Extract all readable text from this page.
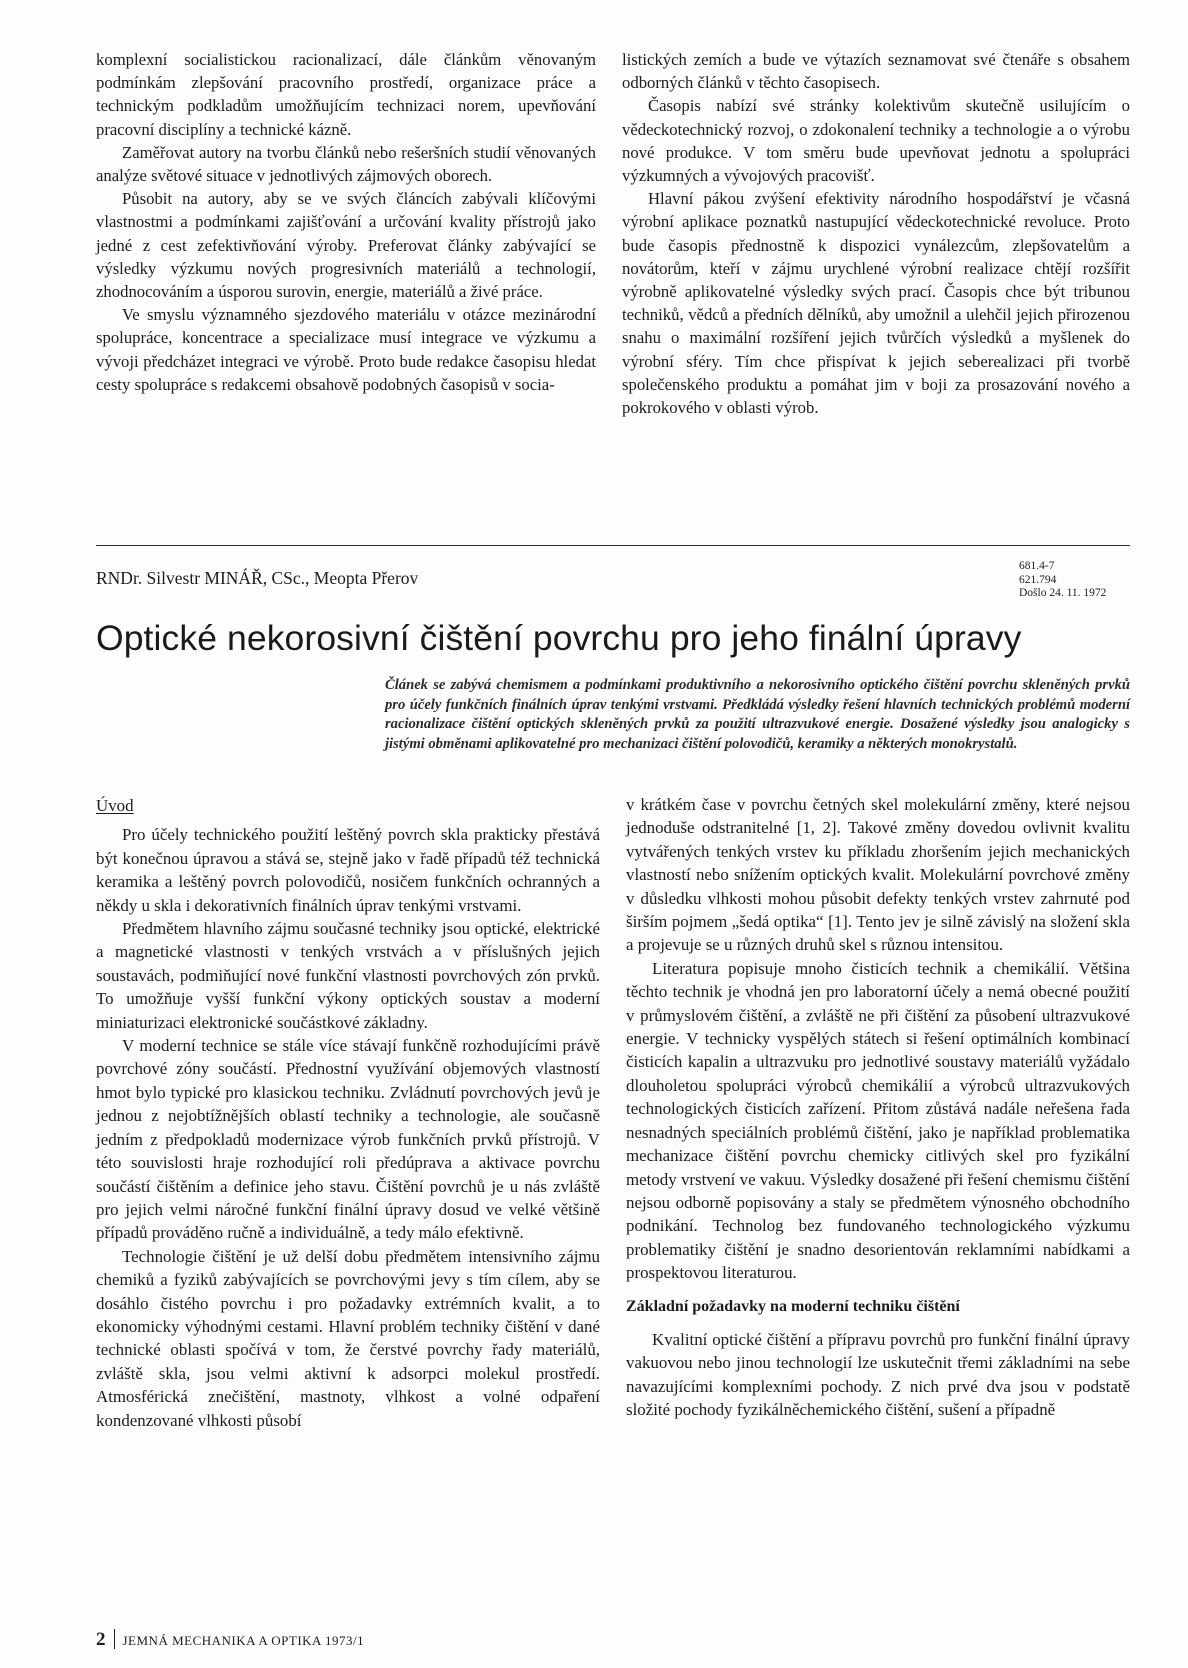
komplexní socialistickou racionalizací, dále článkům věnovaným podmínkám zlepšování pracovního prostředí, organizace práce a technickým podkladům umožňujícím technizaci norem, upevňování pracovní disciplíny a technické kázně.

Zaměřovat autory na tvorbu článků nebo rešeršních studií věnovaných analýze světové situace v jednotlivých zájmových oborech.

Působit na autory, aby se ve svých článcích zabývali klíčovými vlastnostmi a podmínkami zajišťování a určování kvality přístrojů jako jedné z cest zefektivňování výroby. Preferovat články zabývající se výsledky výzkumu nových progresivních materiálů a technologií, zhodnocováním a úsporou surovin, energie, materiálů a živé práce.

Ve smyslu významného sjezdového materiálu v otázce mezinárodní spolupráce, koncentrace a specializace musí integrace ve výzkumu a vývoji předcházet integraci ve výrobě. Proto bude redakce časopisu hledat cesty spolupráce s redakcemi obsahově podobných časopisů v socia-

listických zemích a bude ve výtazích seznamovat své čtenáře s obsahem odborných článků v těchto časopisech.

Časopis nabízí své stránky kolektivům skutečně usilujícím o vědeckotechnický rozvoj, o zdokonalení techniky a technologie a o výrobu nové produkce. V tom směru bude upevňovat jednotu a spolupráci výzkumných a vývojových pracovišť.

Hlavní pákou zvýšení efektivity národního hospodářství je včasná výrobní aplikace poznatků nastupující vědeckotechnické revoluce. Proto bude časopis přednostně k dispozici vynálezcům, zlepšovatelům a novátorům, kteří v zájmu urychlené výrobní realizace chtějí rozšířit výrobně aplikovatelné výsledky svých prací. Časopis chce být tribunou techniků, vědců a předních dělníků, aby umožnil a ulehčil jejich přirozenou snahu o maximální rozšíření jejich tvůrčích výsledků a myšlenek do výrobní sféry. Tím chce přispívat k jejich seberealizaci při tvorbě společenského produktu a pomáhat jim v boji za prosazování nového a pokrokového v oblasti výrob.

RNDr. Silvestr MINÁŘ, CSc., Meopta Přerov
681.4-7
621.794
Došlo 24. 11. 1972
Optické nekorosivní čištění povrchu pro jeho finální úpravy
Článek se zabývá chemismem a podmínkami produktivního a nekorosivního optického čištění povrchu skleněných prvků pro účely funkčních finálních úprav tenkými vrstvami. Předkládá výsledky řešení hlavních technických problémů moderní racionalizace čištění optických skleněných prvků za použití ultrazvukové energie. Dosažené výsledky jsou analogicky s jistými obměnami aplikovatelné pro mechanizaci čištění polovodičů, keramiky a některých monokrystalů.

Úvod

Pro účely technického použití leštěný povrch skla prakticky přestává být konečnou úpravou a stává se, stejně jako v řadě případů též technická keramika a leštěný povrch polovodičů, nosičem funkčních ochranných a někdy u skla i dekorativních finálních úprav tenkými vrstvami.

Předmětem hlavního zájmu současné techniky jsou optické, elektrické a magnetické vlastnosti v tenkých vrstvách a v příslušných jejich soustavách, podmiňující nové funkční vlastnosti povrchových zón prvků. To umožňuje vyšší funkční výkony optických soustav a moderní miniaturizaci elektronické součástkové základny.

V moderní technice se stále více stávají funkčně rozhodujícími právě povrchové zóny součástí. Přednostní využívání objemových vlastností hmot bylo typické pro klasickou techniku. Zvládnutí povrchových jevů je jednou z nejobtížnějších oblastí techniky a technologie, ale současně jedním z předpokladů modernizace výrob funkčních prvků přístrojů. V této souvislosti hraje rozhodující roli předúprava a aktivace povrchu součástí čištěním a definice jeho stavu. Čištění povrchů je u nás zvláště pro jejich velmi náročné funkční finální úpravy dosud ve velké většině případů prováděno ručně a individuálně, a tedy málo efektivně.

Technologie čištění je už delší dobu předmětem intensivního zájmu chemiků a fyziků zabývajících se povrchovými jevy s tím cílem, aby se dosáhlo čistého povrchu i pro požadavky extrémních kvalit, a to ekonomicky výhodnými cestami. Hlavní problém techniky čištění v dané technické oblasti spočívá v tom, že čerstvé povrchy řady materiálů, zvláště skla, jsou velmi aktivní k adsorpci molekul prostředí. Atmosférická znečištění, mastnoty, vlhkost a volné odpaření kondenzované vlhkosti působí

v krátkém čase v povrchu četných skel molekulární změny, které nejsou jednoduše odstranitelné [1, 2]. Takové změny dovedou ovlivnit kvalitu vytvářených tenkých vrstev ku příkladu zhoršením jejich mechanických vlastností nebo snížením optických kvalit. Molekulární povrchové změny v důsledku vlhkosti mohou působit defekty tenkých vrstev zahrnuté pod širším pojmem „šedá optika“ [1]. Tento jev je silně závislý na složení skla a projevuje se u různých druhů skel s různou intensitou.

Literatura popisuje mnoho čisticích technik a chemikálií. Většina těchto technik je vhodná jen pro laboratorní účely a nemá obecné použití v průmyslovém čištění, a zvláště ne při čištění za působení ultrazvukové energie. V technicky vyspělých státech si řešení optimálních kombinací čisticích kapalin a ultrazvuku pro jednotlivé soustavy materiálů vyžádalo dlouholetou spolupráci výrobců chemikálií a výrobců ultrazvukových technologických čisticích zařízení. Přitom zůstává nadále neřešena řada nesnadných speciálních problémů čištění, jako je například problematika mechanizace čištění povrchu chemicky citlivých skel pro fyzikální metody vrstvení ve vakuu. Výsledky dosažené při řešení chemismu čištění nejsou odborně popisovány a staly se předmětem výnosného obchodního podnikání. Technolog bez fundovaného technologického výzkumu problematiky čištění je snadno desorientován reklamními nabídkami a prospektovou literaturou.

Základní požadavky na moderní techniku čištění

Kvalitní optické čištění a přípravu povrchů pro funkční finální úpravy vakuovou nebo jinou technologií lze uskutečnit třemi základními na sebe navazujícími komplexními pochody. Z nich prvé dva jsou v podstatě složité pochody fyzikálněchemického čištění, sušení a případně

2 JEMNÁ MECHANIKA A OPTIKA 1973/1
